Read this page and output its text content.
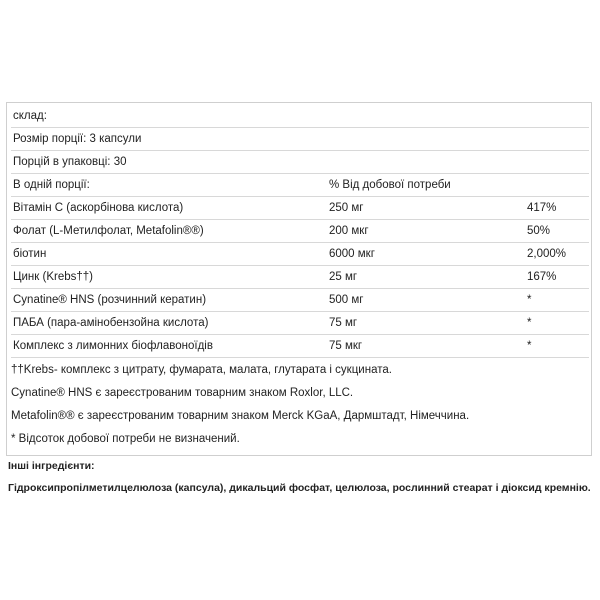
склад:
Розмір порції: 3 капсули
Порцій в упаковці: 30
В одній порції:	% Від добової потреби
Вітамін С (аскорбінова кислота)	250 мг	417%
Фолат (L-Метилфолат, Metafolin®®)	200 мкг	50%
біотин	6000 мкг	2,000%
Цинк (Krebs††)	25 мг	167%
Cynatine® HNS (розчинний кератин)	500 мг	*
ПАБА (пара-амінобензойна кислота)	75 мг	*
Комплекс з лимонних біофлавоноїдів	75 мкг	*
††Krebs- комплекс з цитрату, фумарата, малата, глутарата і сукцината.
Cynatine® HNS є зареєстрованим товарним знаком Roxlor, LLC.
Metafolin®® є зареєстрованим товарним знаком Merck KGaA, Дармштадт, Німеччина.
* Відсоток добової потреби не визначений.
Інші інгредієнти:
Гідроксипропілметилцелюлоза (капсула), дикальций фосфат, целюлоза, рослинний стеарат і діоксид кремнію.
